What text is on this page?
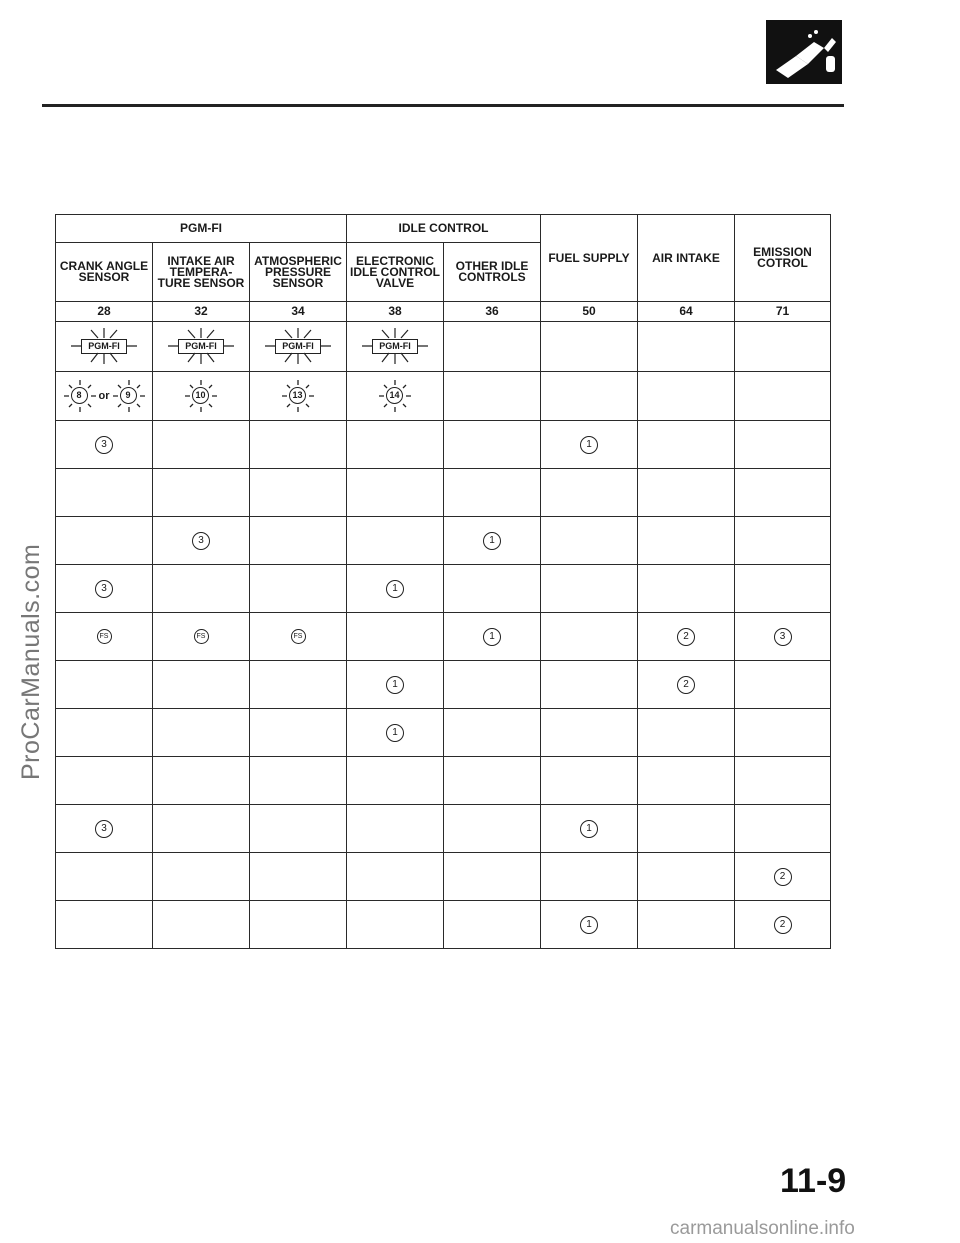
ProCarManuals.com
PGM-FI			IDLE CONTROL		FUEL SUPPLY	AIR INTAKE	EMISSION COTROL
CRANK ANGLE SENSOR	INTAKE AIR TEMPERA- TURE SENSOR	ATMOSPHERIC PRESSURE SENSOR	ELECTRONIC IDLE CONTROL VALVE	OTHER IDLE CONTROLS			
28	32	34	38	36	50	64	71

PGM-FI	PGM-FI	PGM-FI	PGM-FI				

8 or 9	10	13	14				

3					1		

	3			1			
3			1				
FS	FS	FS		1		2	3
			1			2	
			1				

3					1		
							2
					1		2
11-9
carmanualsonline.info
